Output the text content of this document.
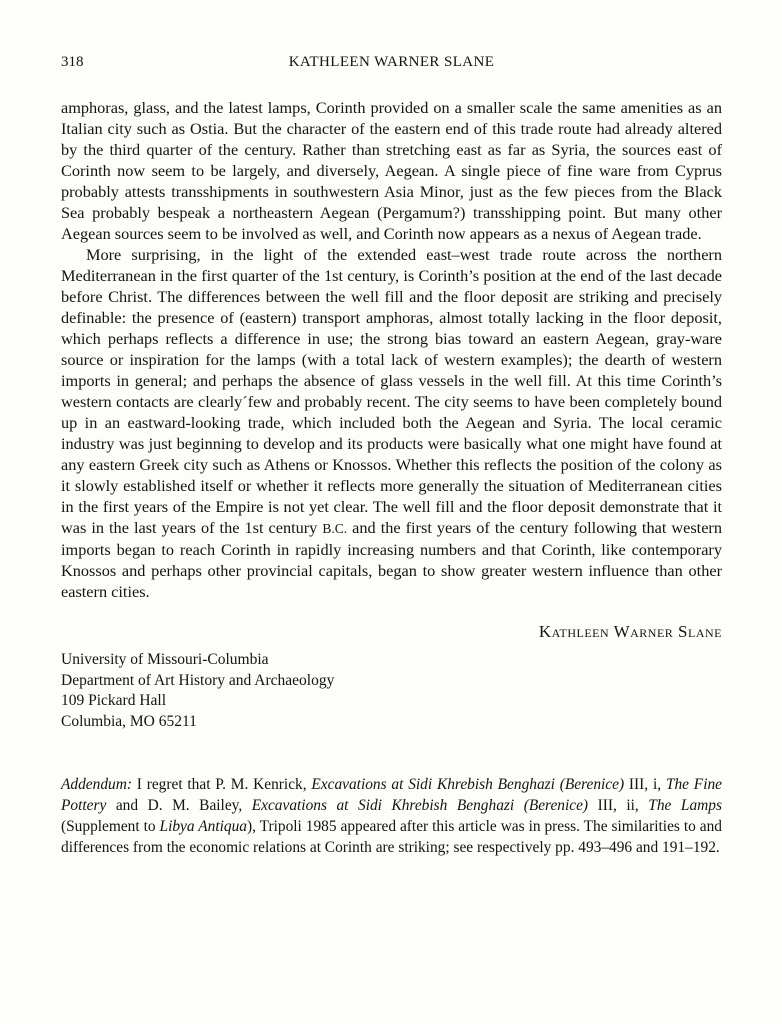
318	KATHLEEN WARNER SLANE

amphoras, glass, and the latest lamps, Corinth provided on a smaller scale the same amenities as an Italian city such as Ostia. But the character of the eastern end of this trade route had already altered by the third quarter of the century. Rather than stretching east as far as Syria, the sources east of Corinth now seem to be largely, and diversely, Aegean. A single piece of fine ware from Cyprus probably attests transshipments in southwestern Asia Minor, just as the few pieces from the Black Sea probably bespeak a northeastern Aegean (Pergamum?) transshipping point. But many other Aegean sources seem to be involved as well, and Corinth now appears as a nexus of Aegean trade.

More surprising, in the light of the extended east–west trade route across the northern Mediterranean in the first quarter of the 1st century, is Corinth’s position at the end of the last decade before Christ. The differences between the well fill and the floor deposit are striking and precisely definable: the presence of (eastern) transport amphoras, almost totally lacking in the floor deposit, which perhaps reflects a difference in use; the strong bias toward an eastern Aegean, gray-ware source or inspiration for the lamps (with a total lack of western examples); the dearth of western imports in general; and perhaps the absence of glass vessels in the well fill. At this time Corinth’s western contacts are clearly´few and probably recent. The city seems to have been completely bound up in an eastward-looking trade, which included both the Aegean and Syria. The local ceramic industry was just beginning to develop and its products were basically what one might have found at any eastern Greek city such as Athens or Knossos. Whether this reflects the position of the colony as it slowly established itself or whether it reflects more generally the situation of Mediterranean cities in the first years of the Empire is not yet clear. The well fill and the floor deposit demonstrate that it was in the last years of the 1st century B.C. and the first years of the century following that western imports began to reach Corinth in rapidly increasing numbers and that Corinth, like contemporary Knossos and perhaps other provincial capitals, began to show greater western influence than other eastern cities.

Kathleen Warner Slane
University of Missouri-Columbia
Department of Art History and Archaeology
109 Pickard Hall
Columbia, MO 65211

Addendum: I regret that P. M. Kenrick, Excavations at Sidi Khrebish Benghazi (Berenice) III, i, The Fine Pottery and D. M. Bailey, Excavations at Sidi Khrebish Benghazi (Berenice) III, ii, The Lamps (Supplement to Libya Antiqua), Tripoli 1985 appeared after this article was in press. The similarities to and differences from the economic relations at Corinth are striking; see respectively pp. 493–496 and 191–192.
